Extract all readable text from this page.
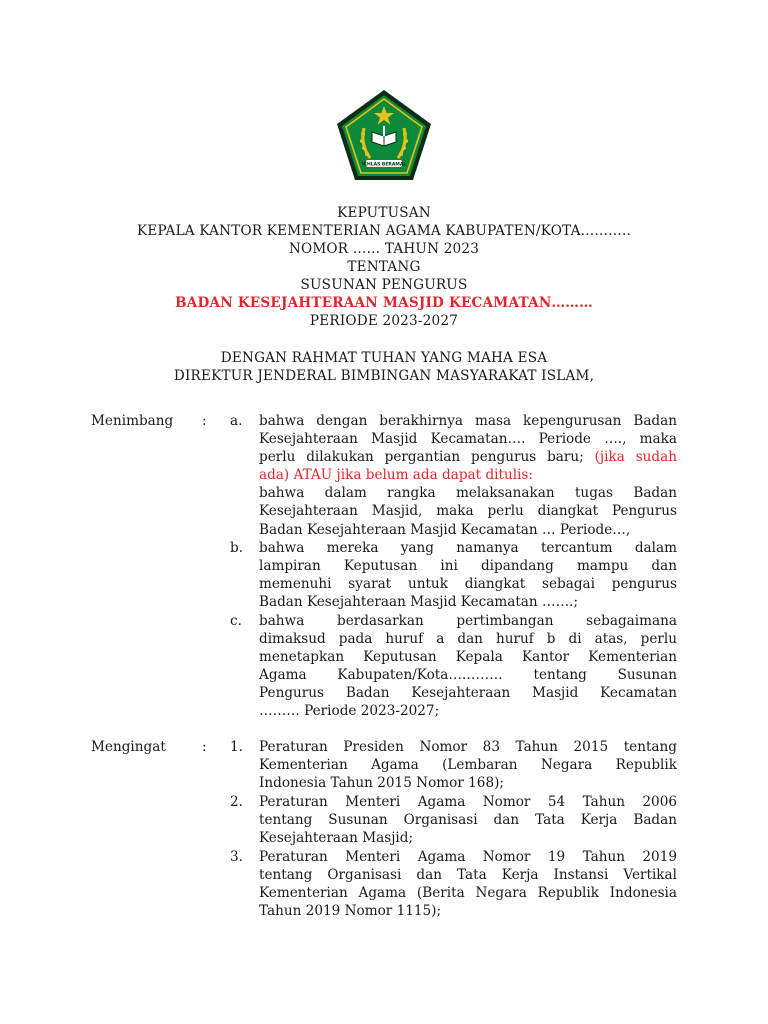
IKHLAS BERAMAL
KEPUTUSAN
KEPALA KANTOR KEMENTERIAN AGAMA KABUPATEN/KOTA………..
NOMOR …… TAHUN 2023
TENTANG
SUSUNAN PENGURUS
BADAN KESEJAHTERAAN MASJID KECAMATAN………
PERIODE 2023-2027
DENGAN RAHMAT TUHAN YANG MAHA ESA
DIREKTUR JENDERAL BIMBINGAN MASYARAKAT ISLAM,
Menimbang : a. bahwa dengan berakhirnya masa kepengurusan Badan
Kesejahteraan Masjid Kecamatan…. Periode …., maka
perlu dilakukan pergantian pengurus baru; (jika sudah
ada) ATAU jika belum ada dapat ditulis:
bahwa dalam rangka melaksanakan tugas Badan
Kesejahteraan Masjid, maka perlu diangkat Pengurus
Badan Kesejahteraan Masjid Kecamatan … Periode…,
b. bahwa mereka yang namanya tercantum dalam
lampiran Keputusan ini dipandang mampu dan
memenuhi syarat untuk diangkat sebagai pengurus
Badan Kesejahteraan Masjid Kecamatan …….;
c. bahwa berdasarkan pertimbangan sebagaimana
dimaksud pada huruf a dan huruf b di atas, perlu
menetapkan Keputusan Kepala Kantor Kementerian
Agama Kabupaten/Kota………… tentang Susunan
Pengurus Badan Kesejahteraan Masjid Kecamatan
……… Periode 2023-2027;
Mengingat	: 1. Peraturan Presiden Nomor 83 Tahun 2015 tentang
Kementerian Agama (Lembaran Negara Republik
Indonesia Tahun 2015 Nomor 168);
2. Peraturan Menteri Agama Nomor 54 Tahun 2006
tentang Susunan Organisasi dan Tata Kerja Badan
Kesejahteraan Masjid;
3. Peraturan Menteri Agama Nomor 19 Tahun 2019
tentang Organisasi dan Tata Kerja Instansi Vertikal
Kementerian Agama (Berita Negara Republik Indonesia
Tahun 2019 Nomor 1115);
